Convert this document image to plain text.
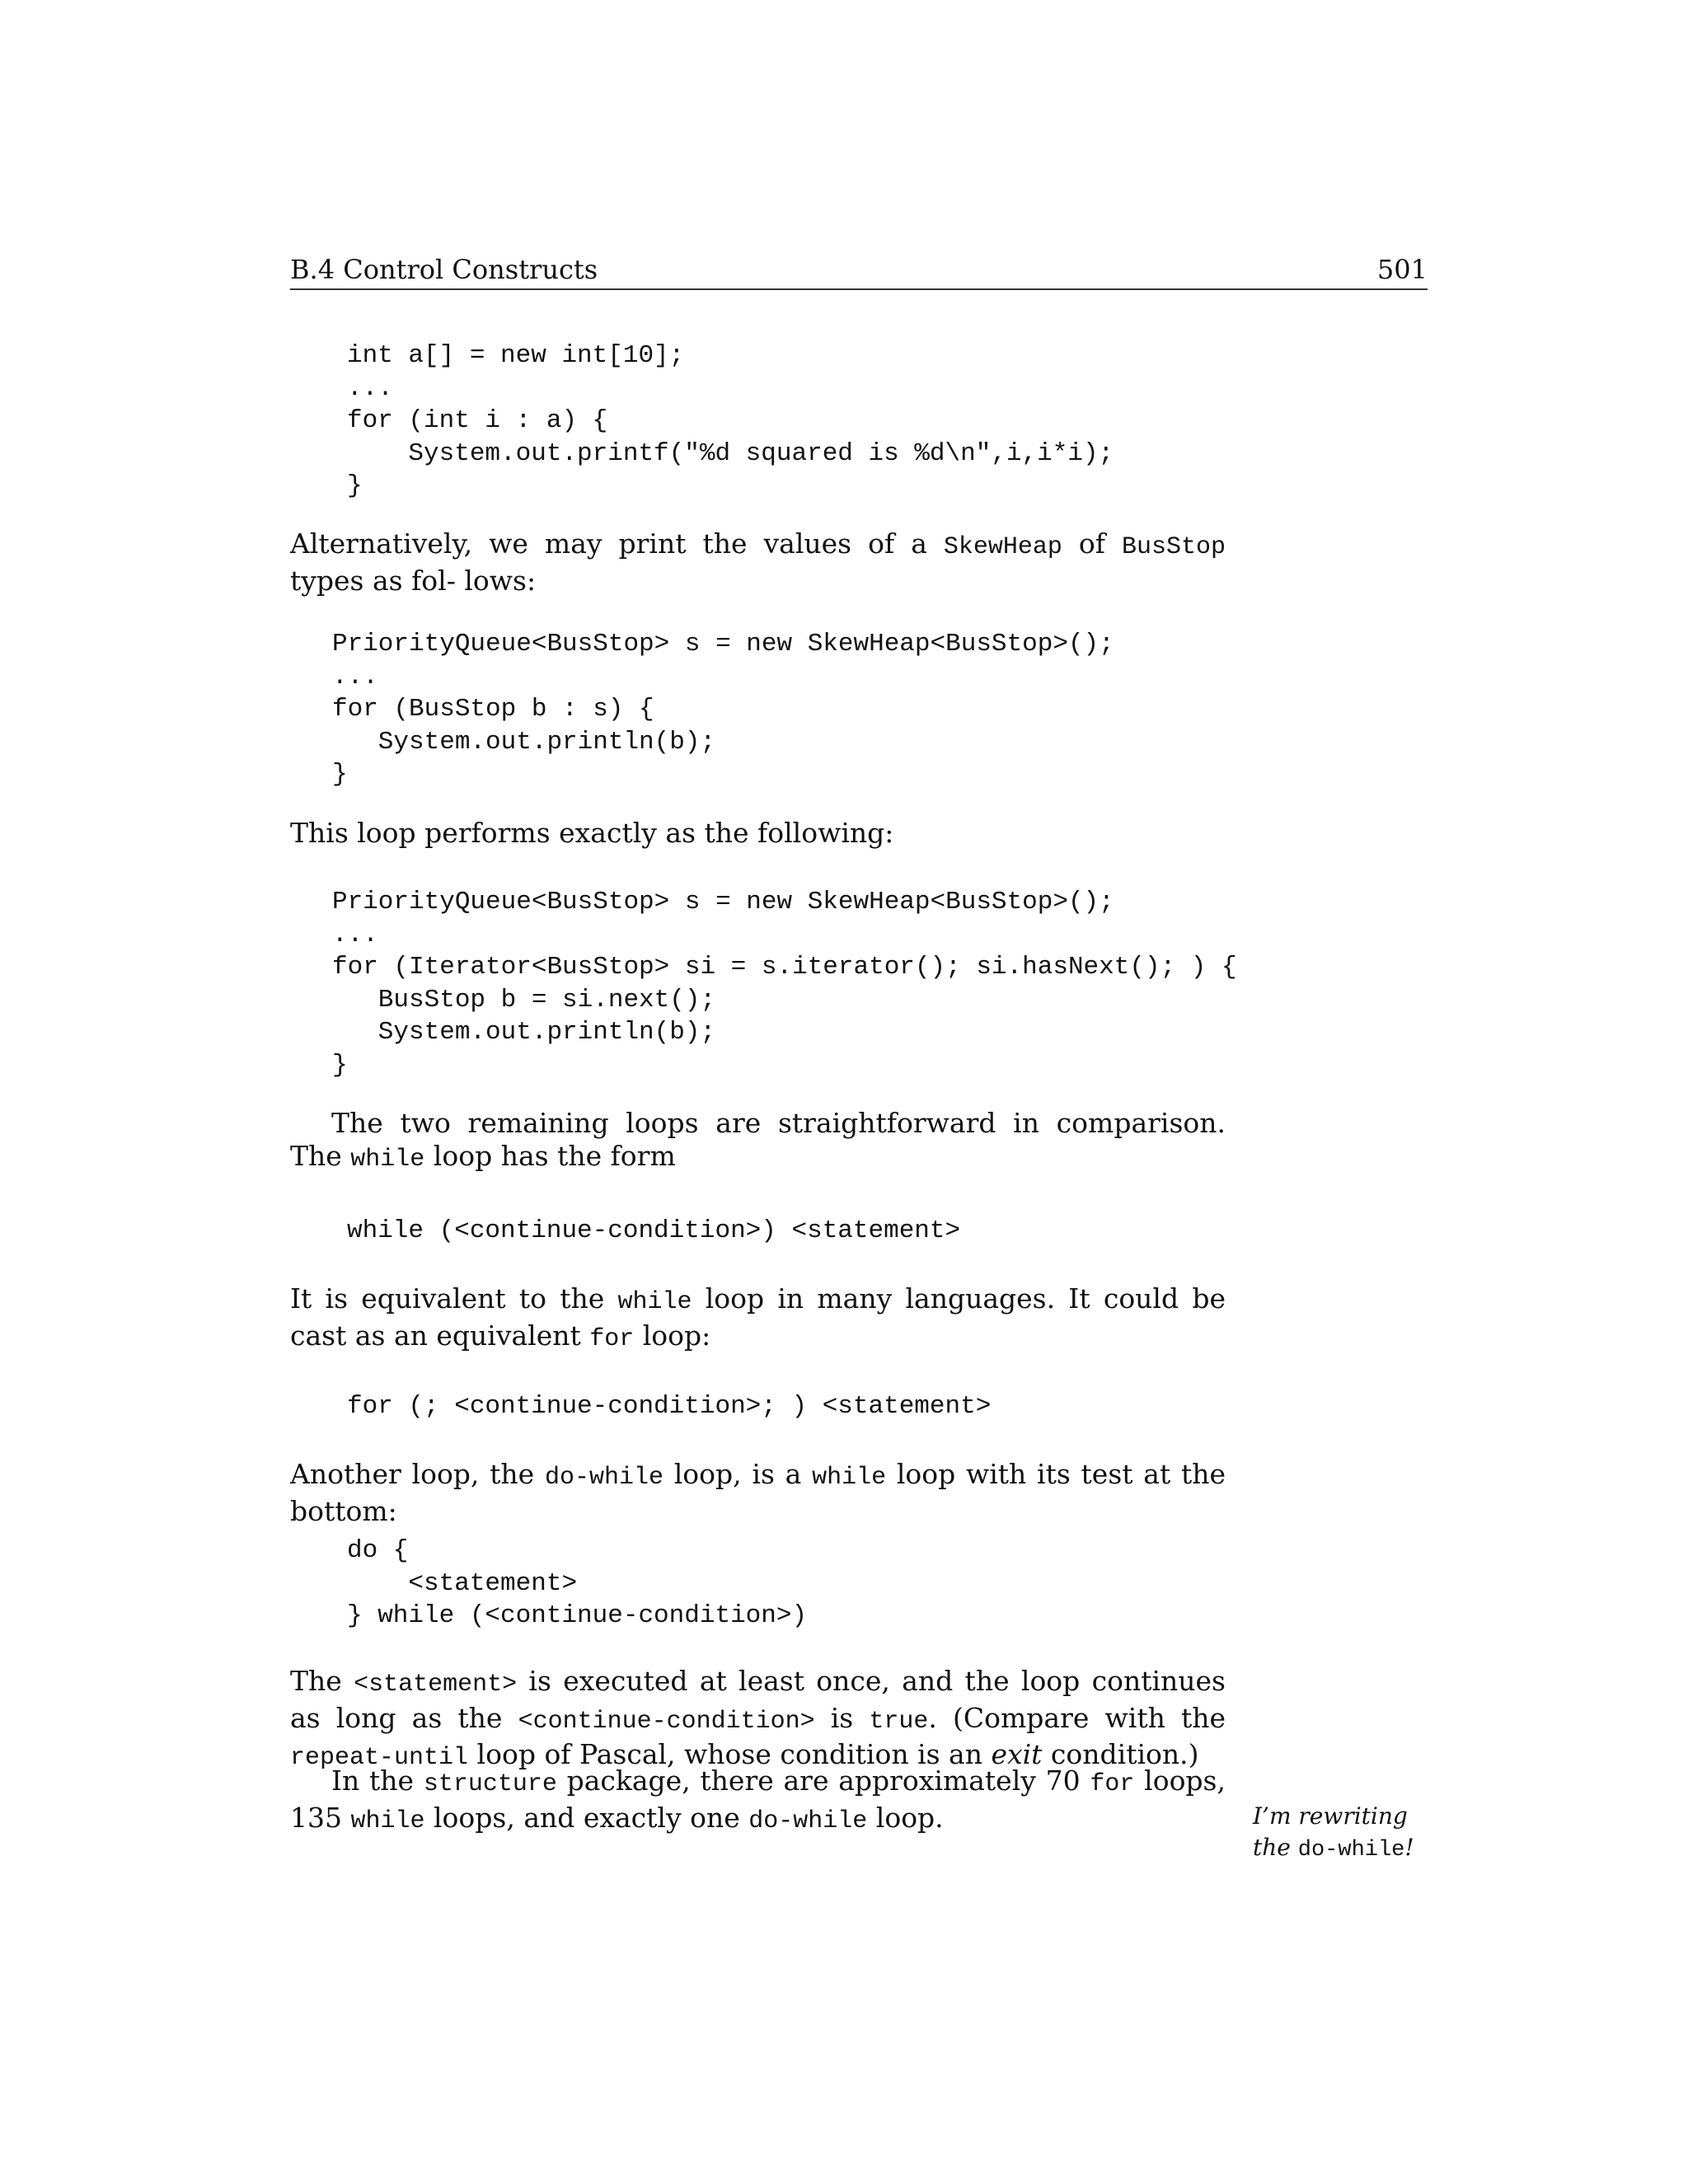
B.4 Control Constructs	501
int a[] = new int[10];
...
for (int i : a) {
System.out.printf("%d squared is %d\n",i,i*i);
}

Alternatively, we may print the values of a SkewHeap of BusStop types as fol- lows:

PriorityQueue<BusStop> s = new SkewHeap<BusStop>();
...
for (BusStop b : s) {
System.out.println(b);
}

This loop performs exactly as the following:

PriorityQueue<BusStop> s = new SkewHeap<BusStop>();
...
for (Iterator<BusStop> si = s.iterator(); si.hasNext(); ) {
BusStop b = si.next();
System.out.println(b);
}

The two remaining loops are straightforward in comparison. The while loop has the form

while (<continue-condition>) <statement>

It is equivalent to the while loop in many languages. It could be cast as an equivalent for loop:

for (; <continue-condition>; ) <statement>

Another loop, the do-while loop, is a while loop with its test at the bottom:

do {
<statement>
} while (<continue-condition>)

The <statement> is executed at least once, and the loop continues as long as the <continue-condition> is true. (Compare with the repeat-until loop of Pascal, whose condition is an exit condition.)

In the structure package, there are approximately 70 for loops, 135 while loops, and exactly one do-while loop.	I’m rewriting the do-while!
